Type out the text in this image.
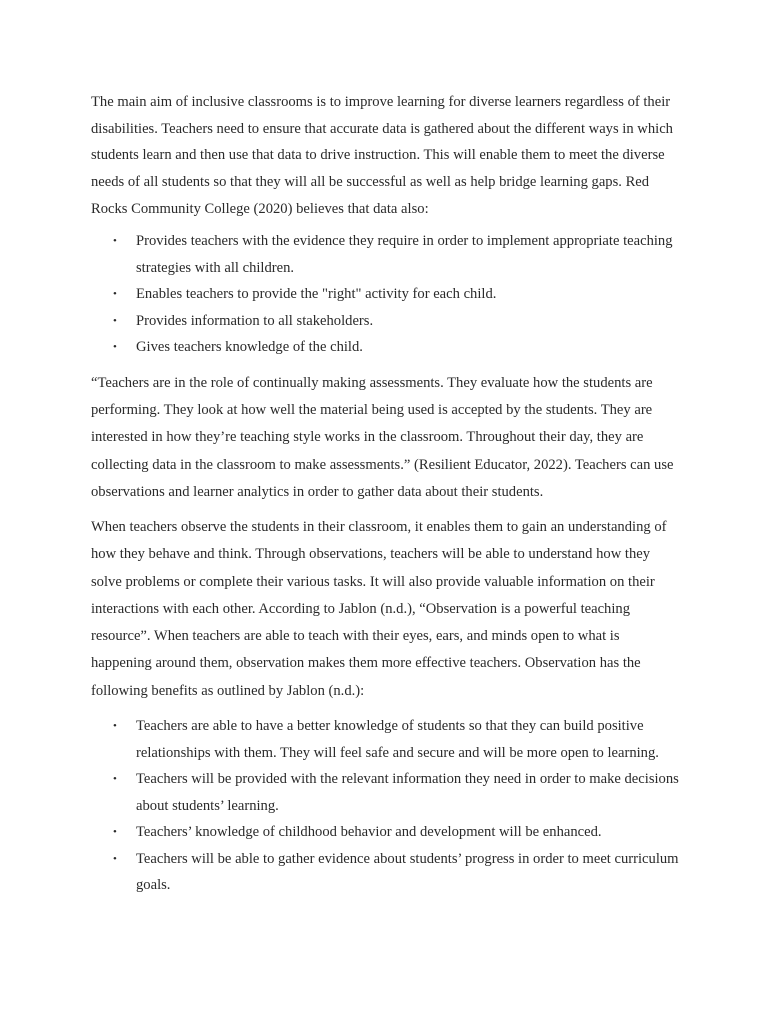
The main aim of inclusive classrooms is to improve learning for diverse learners regardless of their disabilities. Teachers need to ensure that accurate data is gathered about the different ways in which students learn and then use that data to drive instruction. This will enable them to meet the diverse needs of all students so that they will all be successful as well as help bridge learning gaps. Red Rocks Community College (2020) believes that data also:

• Provides teachers with the evidence they require in order to implement appropriate teaching strategies with all children.
• Enables teachers to provide the "right" activity for each child.
• Provides information to all stakeholders.
• Gives teachers knowledge of the child.

“Teachers are in the role of continually making assessments. They evaluate how the students are performing. They look at how well the material being used is accepted by the students. They are interested in how they’re teaching style works in the classroom. Throughout their day, they are collecting data in the classroom to make assessments.” (Resilient Educator, 2022). Teachers can use observations and learner analytics in order to gather data about their students.

When teachers observe the students in their classroom, it enables them to gain an understanding of how they behave and think. Through observations, teachers will be able to understand how they solve problems or complete their various tasks. It will also provide valuable information on their interactions with each other. According to Jablon (n.d.), “Observation is a powerful teaching resource”. When teachers are able to teach with their eyes, ears, and minds open to what is happening around them, observation makes them more effective teachers. Observation has the following benefits as outlined by Jablon (n.d.):

• Teachers are able to have a better knowledge of students so that they can build positive relationships with them. They will feel safe and secure and will be more open to learning.
• Teachers will be provided with the relevant information they need in order to make decisions about students’ learning.
• Teachers’ knowledge of childhood behavior and development will be enhanced.
• Teachers will be able to gather evidence about students’ progress in order to meet curriculum goals.
